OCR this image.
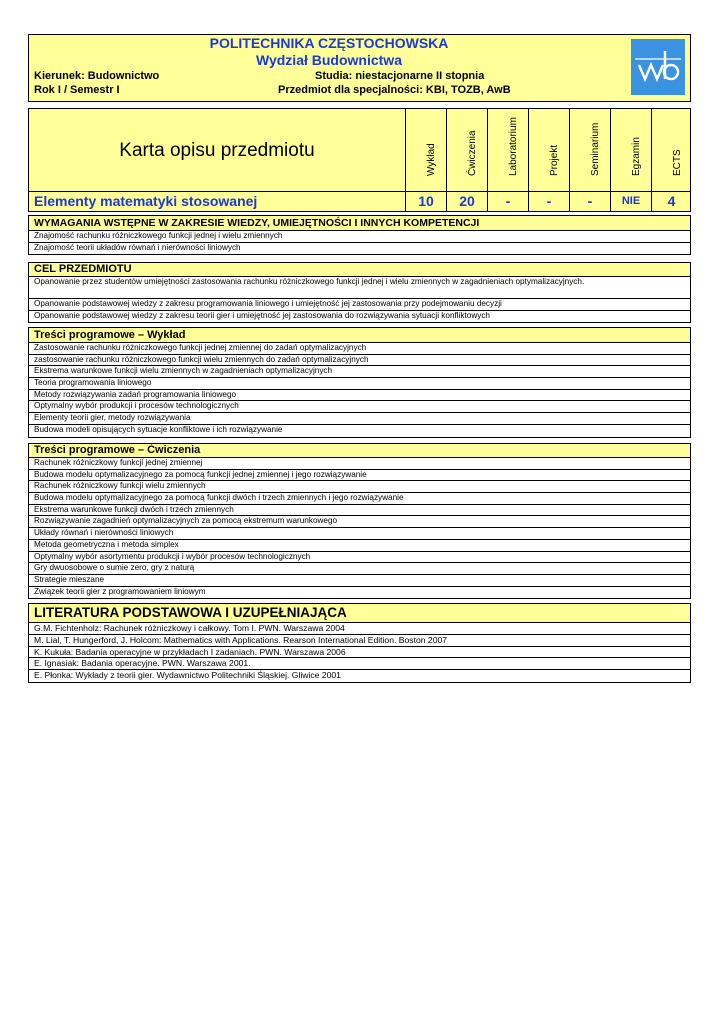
POLITECHNIKA CZĘSTOCHOWSKA
Wydział Budownictwa
Kierunek: Budownictwo	Studia: niestacjonarne II stopnia
Rok I / Semestr I	Przedmiot dla specjalności: KBI, TOZB, AwB
Karta opisu przedmiotu	Wykład	Ćwiczenia	Laboratorium	Projekt	Seminarium	Egzamin	ECTS
Elementy matematyki stosowanej	10	20	-	-	-	NIE	4
WYMAGANIA WSTĘPNE W ZAKRESIE WIEDZY, UMIEJĘTNOŚCI I INNYCH KOMPETENCJI
Znajomość rachunku różniczkowego funkcji jednej i wielu zmiennych
Znajomość teorii układów równań i nierówności liniowych
CEL PRZEDMIOTU
Opanowanie przez studentów umiejętności zastosowania rachunku różniczkowego funkcji jednej i wielu zmiennych w zagadnieniach optymalizacyjnych.
Opanowanie podstawowej wiedzy z zakresu programowania liniowego i umiejętność jej zastosowania przy podejmowaniu decyzji
Opanowanie podstawowej wiedzy z zakresu teorii gier i umiejętność jej zastosowania do rozwiązywania sytuacji konfliktowych
Treści programowe – Wykład
Zastosowanie rachunku różniczkowego funkcji jednej zmiennej do zadań optymalizacyjnych
zastosowanie rachunku różniczkowego funkcji wielu zmiennych do zadań optymalizacyjnych
Ekstrema warunkowe funkcji wielu zmiennych w zagadnieniach optymalizacyjnych
Teoria programowania liniowego
Metody rozwiązywania zadań programowania liniowego
Optymalny wybór produkcji i procesów technologicznych
Elementy teorii gier, metody rozwiązywania
Budowa modeli opisujących sytuacje konfliktowe i ich rozwiązywanie
Treści programowe – Ćwiczenia
Rachunek różniczkowy funkcji jednej zmiennej
Budowa modelu optymalizacyjnego za pomocą funkcji jednej zmiennej i jego rozwiązywanie
Rachunek różniczkowy funkcji wielu zmiennych
Budowa modelu optymalizacyjnego za pomocą funkcji dwóch i trzech zmiennych i jego rozwiązywanie
Ekstrema warunkowe funkcji dwóch i trzech zmiennych
Rozwiązywanie zagadnień optymalizacyjnych za pomocą ekstremum warunkowego
Układy równań i nierówności liniowych
Metoda geometryczna i metoda simplex
Optymalny wybór asortymentu produkcji i wybór procesów technologicznych
Gry dwuosobowe o sumie zero, gry z naturą
Strategie mieszane
Związek teorii gier z programowaniem liniowym
LITERATURA PODSTAWOWA I UZUPEŁNIAJĄCA
G.M. Fichtenholz: Rachunek różniczkowy i całkowy. Tom I. PWN. Warszawa 2004
M. Lial, T. Hungerford, J. Holcom: Mathematics with Applications. Rearson International Edition. Boston 2007
K. Kukuła: Badania operacyjne w przykładach I zadaniach. PWN. Warszawa 2006
E. Ignasiak: Badania operacyjne. PWN. Warszawa 2001.
E. Płonka: Wykłady z teorii gier. Wydawnictwo Politechniki Śląskiej. Gliwice 2001
